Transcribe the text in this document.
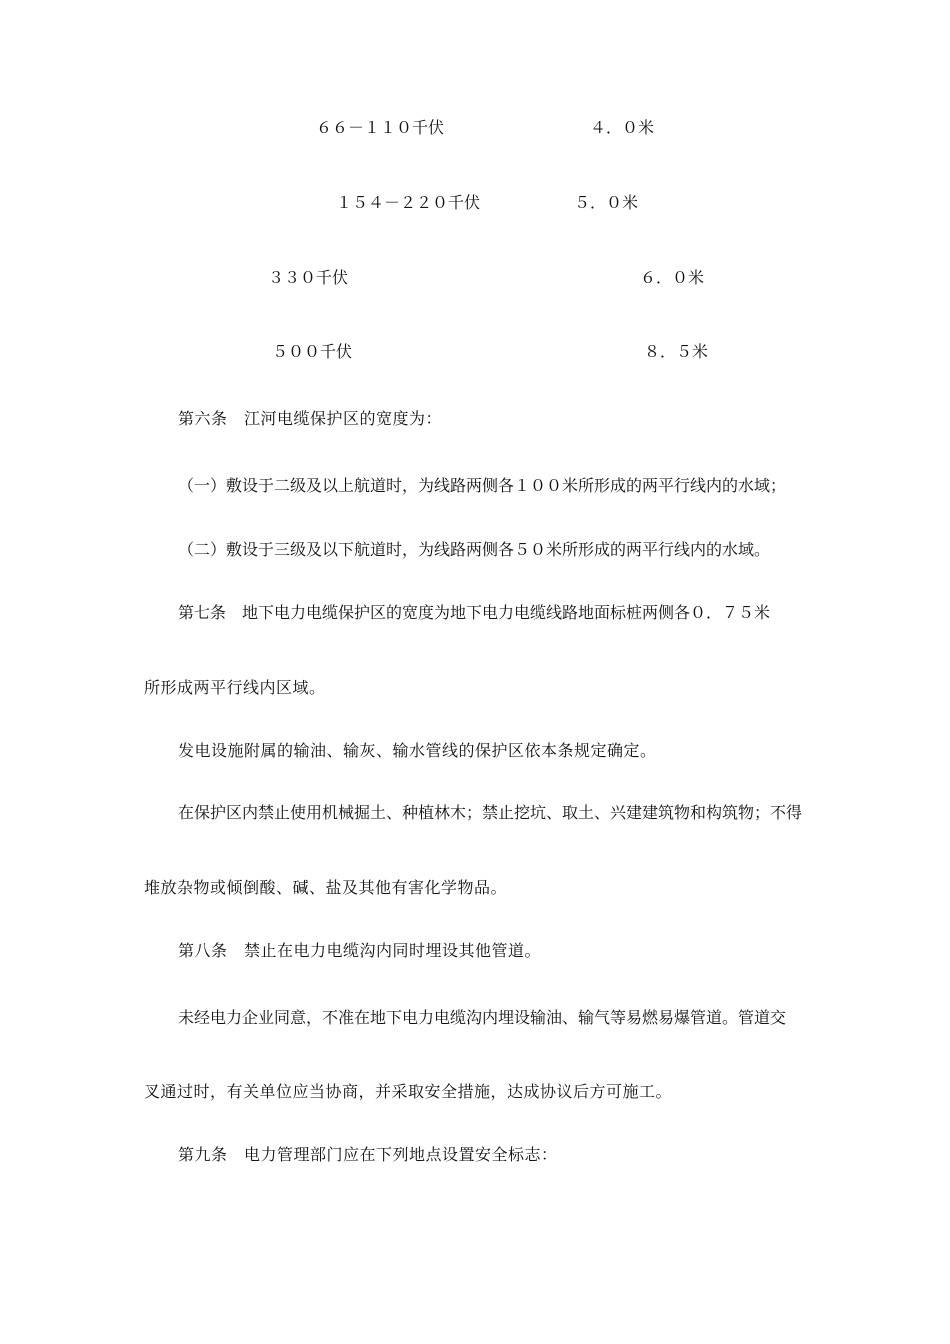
６６－１１０千伏	４．０米
１５４－２２０千伏	５．０米
３３０千伏	６．０米
５００千伏	８．５米
第六条　江河电缆保护区的宽度为：
（一）敷设于二级及以上航道时，为线路两侧各１００米所形成的两平行线内的水域；
（二）敷设于三级及以下航道时，为线路两侧各５０米所形成的两平行线内的水域。
第七条　地下电力电缆保护区的宽度为地下电力电缆线路地面标桩两侧各０．７５米
所形成两平行线内区域。
发电设施附属的输油、输灰、输水管线的保护区依本条规定确定。
在保护区内禁止使用机械掘土、种植林木；禁止挖坑、取土、兴建建筑物和构筑物；不得
堆放杂物或倾倒酸、碱、盐及其他有害化学物品。
第八条　禁止在电力电缆沟内同时埋设其他管道。
未经电力企业同意，不准在地下电力电缆沟内埋设输油、输气等易燃易爆管道。管道交
叉通过时，有关单位应当协商，并采取安全措施，达成协议后方可施工。
第九条　电力管理部门应在下列地点设置安全标志：
